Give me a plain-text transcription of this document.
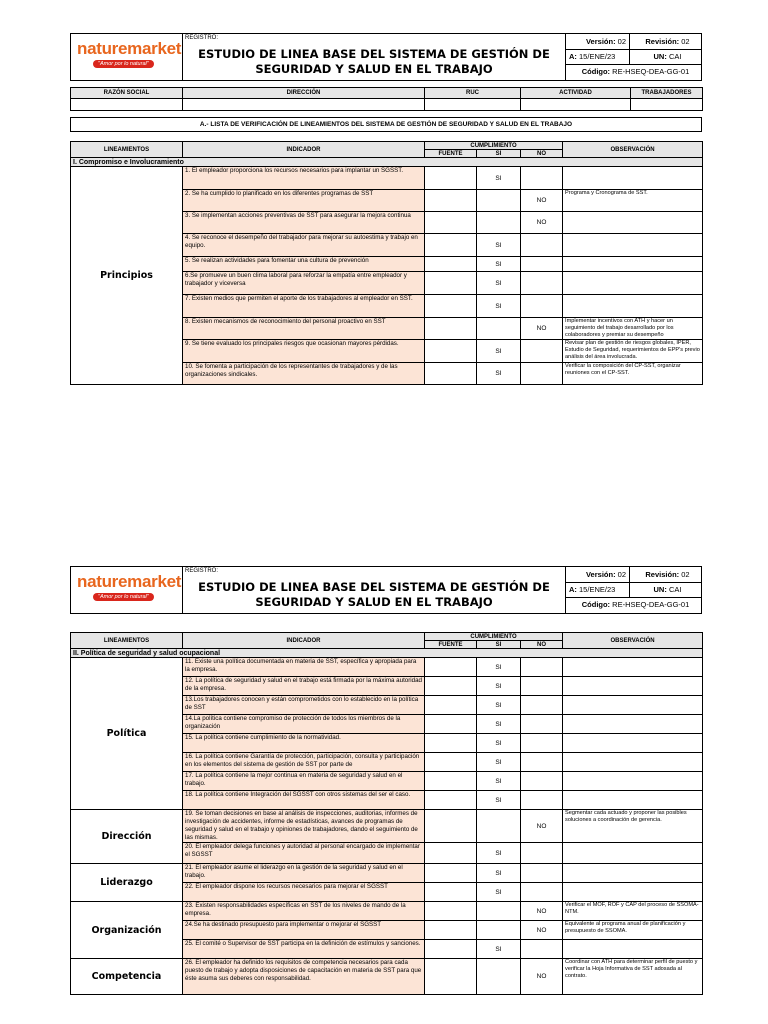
naturemarket
"Amor por lo natural"
REGISTRO:
ESTUDIO DE LINEA BASE DEL SISTEMA DE GESTIÓN DE
SEGURIDAD Y SALUD EN EL TRABAJO
Versión: 02	Revisión: 02
A: 15/ENE/23	UN: CAI
Código: RE-HSEQ-DEA-GG-01
RAZÓN SOCIAL	DIRECCIÓN	RUC	ACTIVIDAD	TRABAJADORES

A.- LISTA DE VERIFICACIÓN DE LINEAMIENTOS DEL SISTEMA DE GESTIÓN DE SEGURIDAD Y SALUD EN EL TRABAJO
LINEAMIENTOS	INDICADOR	CUMPLIMIENTO			OBSERVACIÓN
		FUENTE	SI	NO	
I. Compromiso e Involucramiento					
Principios	1. El empleador proporciona los recursos necesarios para implantar un SGSST.		SI		
	2. Se ha cumplido lo planificado en los diferentes programas de SST			NO	Programa y Cronograma de SST.
	3. Se implementan acciones preventivas de SST para asegurar la mejora continua			NO	
	4. Se reconoce el desempeño del trabajador para mejorar su autoestima y trabajo en equipo.		SI		
	5. Se realizan actividades para fomentar una cultura de prevención		SI		
	6.Se promueve un buen clima laboral para reforzar la empatía entre empleador y trabajador y viceversa		SI		
	7. Existen medios que permiten el aporte de los trabajadores al empleador en SST.		SI		
	8. Existen mecanismos de reconocimiento del personal proactivo en SST			NO	Implementar incentivos con ATH y hacer un seguimiento del trabajo desarrollado por los colaboradores y premiar su desempeño
	9. Se tiene evaluado los principales riesgos que ocasionan mayores pérdidas.		SI		Revisar plan de gestión de riesgos globales, IPER, Estudio de Seguridad, requerimientos de EPP's previo análisis del área involucrada.
	10. Se fomenta a participación de los representantes de trabajadores y de las organizaciones sindicales.		SI		Verificar la composición del CP-SST, organizar reuniones con el CP-SST.
naturemarket
"Amor por lo natural"
REGISTRO:
ESTUDIO DE LINEA BASE DEL SISTEMA DE GESTIÓN DE
SEGURIDAD Y SALUD EN EL TRABAJO
Versión: 02	Revisión: 02
A: 15/ENE/23	UN: CAI
Código: RE-HSEQ-DEA-GG-01
LINEAMIENTOS	INDICADOR	CUMPLIMIENTO			OBSERVACIÓN
		FUENTE	SI	NO	
II. Política de seguridad y salud ocupacional					
Política	11. Existe una política documentada en materia de SST, específica y apropiada para la empresa.		SI		
	12. La política de seguridad y salud en el trabajo está firmada por la máxima autoridad de la empresa.		SI		
	13.Los trabajadores conocen y están comprometidos con lo establecido en la política de SST		SI		
	14.La política contiene compromiso de protección de todos los miembros de la organización		SI		
	15. La política contiene cumplimiento de la normatividad.		SI		
	16. La política contiene Garantía de protección, participación, consulta y participación en los elementos del sistema de gestión de SST por parte de		SI		
	17. La política contiene la mejor continua en materia de seguridad y salud en el trabajo.		SI		
	18. La política contiene Integración del SGSST con otros sistemas del ser el caso.		SI		
Dirección	19. Se toman decisiones en base al análisis de inspecciones, auditorias, informes de investigación de accidentes, informe de estadísticas, avances de programas de seguridad y salud en el trabajo y opiniones de trabajadores, dando el seguimiento de las mismas.			NO	Segmentar cada actuado y proponer las posibles soluciones a coordinación de gerencia.
	20. El empleador delega funciones y autoridad al personal encargado de implementar el SGSST		SI		
Liderazgo	21. El empleador asume el liderazgo en la gestión de la seguridad y salud en el trabajo.		SI		
	22. El empleador dispone los recursos necesarios para mejorar el SGSST		SI		
Organización	23. Existen responsabilidades específicas en SST de los niveles de mando de la empresa.			NO	Verificar el MOF, ROF y CAP del proceso de SSOMA-NTM.
	24.Se ha destinado presupuesto para implementar o mejorar el SGSST			NO	Equivalente al programa anual de planificación y presupuesto de SSOMA.
	25. El comité o Supervisor de SST participa en la definición de estímulos y sanciones.		SI		
Competencia	26. El empleador ha definido los requisitos de competencia necesarios para cada puesto de trabajo y adopta disposiciones de capacitación en materia de SST para que éste asuma sus deberes con responsabilidad.			NO	Coordinar con ATH para determinar perfil de puesto y verificar la Hoja Informativa de SST adosada al contrato.
